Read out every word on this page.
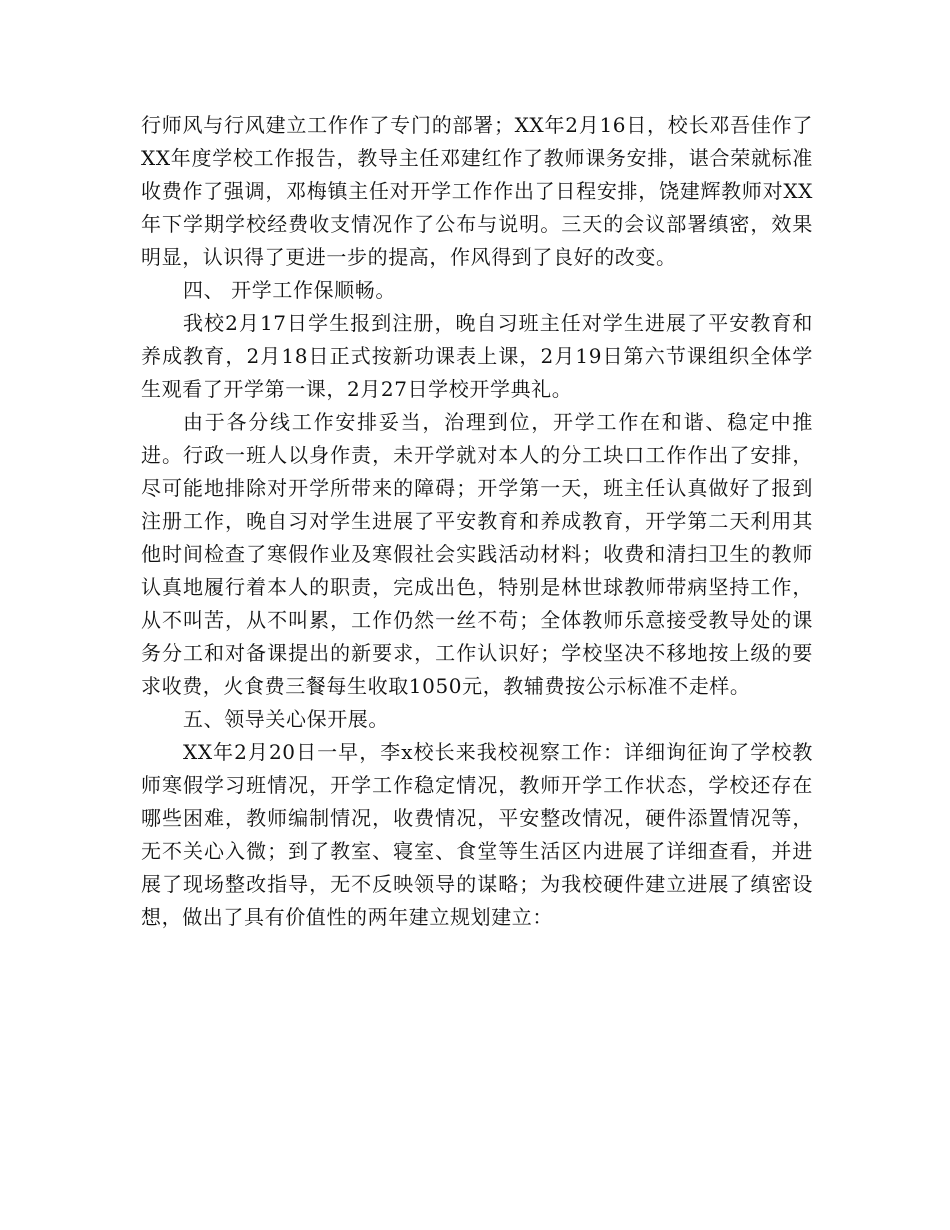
行师风与行风建立工作作了专门的部署；XX年2月16日，校长邓吾佳作了XX年度学校工作报告，教导主任邓建红作了教师课务安排，谌合荣就标准收费作了强调，邓梅镇主任对开学工作作出了日程安排，饶建辉教师对XX年下学期学校经费收支情况作了公布与说明。三天的会议部署缜密，效果明显，认识得了更进一步的提高，作风得到了良好的改变。

四、 开学工作保顺畅。

我校2月17日学生报到注册，晚自习班主任对学生进展了平安教育和养成教育，2月18日正式按新功课表上课，2月19日第六节课组织全体学生观看了开学第一课，2月27日学校开学典礼。

由于各分线工作安排妥当，治理到位，开学工作在和谐、稳定中推进。行政一班人以身作责，未开学就对本人的分工块口工作作出了安排，尽可能地排除对开学所带来的障碍；开学第一天，班主任认真做好了报到注册工作，晚自习对学生进展了平安教育和养成教育，开学第二天利用其他时间检查了寒假作业及寒假社会实践活动材料；收费和清扫卫生的教师认真地履行着本人的职责，完成出色，特别是林世球教师带病坚持工作，从不叫苦，从不叫累，工作仍然一丝不苟；全体教师乐意接受教导处的课务分工和对备课提出的新要求，工作认识好；学校坚决不移地按上级的要求收费，火食费三餐每生收取1050元，教辅费按公示标准不走样。

五、领导关心保开展。

XX年2月20日一早，李x校长来我校视察工作：详细询征询了学校教师寒假学习班情况，开学工作稳定情况，教师开学工作状态，学校还存在哪些困难，教师编制情况，收费情况，平安整改情况，硬件添置情况等，无不关心入微；到了教室、寝室、食堂等生活区内进展了详细查看，并进展了现场整改指导，无不反映领导的谋略；为我校硬件建立进展了缜密设想，做出了具有价值性的两年建立规划建立：
